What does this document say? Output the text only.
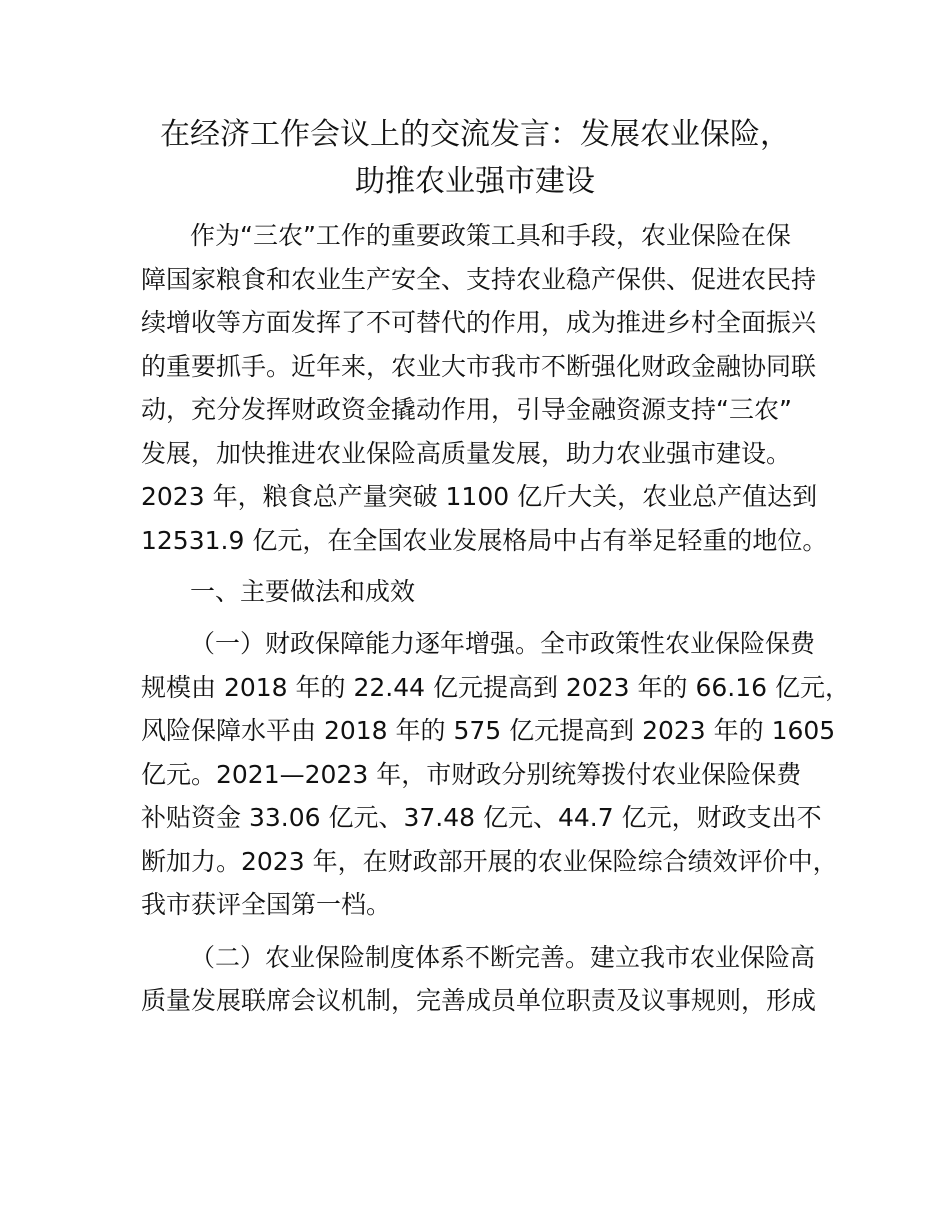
在经济工作会议上的交流发言：发展农业保险，
助推农业强市建设

作为“三农”工作的重要政策工具和手段，农业保险在保

障国家粮食和农业生产安全、支持农业稳产保供、促进农民持

续增收等方面发挥了不可替代的作用，成为推进乡村全面振兴

的重要抓手。近年来，农业大市我市不断强化财政金融协同联

动，充分发挥财政资金撬动作用，引导金融资源支持“三农”

发展，加快推进农业保险高质量发展，助力农业强市建设。

2023 年，粮食总产量突破 1100 亿斤大关，农业总产值达到

12531.9 亿元，在全国农业发展格局中占有举足轻重的地位。

一、主要做法和成效

（一）财政保障能力逐年增强。全市政策性农业保险保费

规模由 2018 年的 22.44 亿元提高到 2023 年的 66.16 亿元，

风险保障水平由 2018 年的 575 亿元提高到 2023 年的 1605

亿元。2021—2023 年，市财政分别统筹拨付农业保险保费

补贴资金 33.06 亿元、37.48 亿元、44.7 亿元，财政支出不

断加力。2023 年，在财政部开展的农业保险综合绩效评价中，

我市获评全国第一档。

（二）农业保险制度体系不断完善。建立我市农业保险高

质量发展联席会议机制，完善成员单位职责及议事规则，形成
